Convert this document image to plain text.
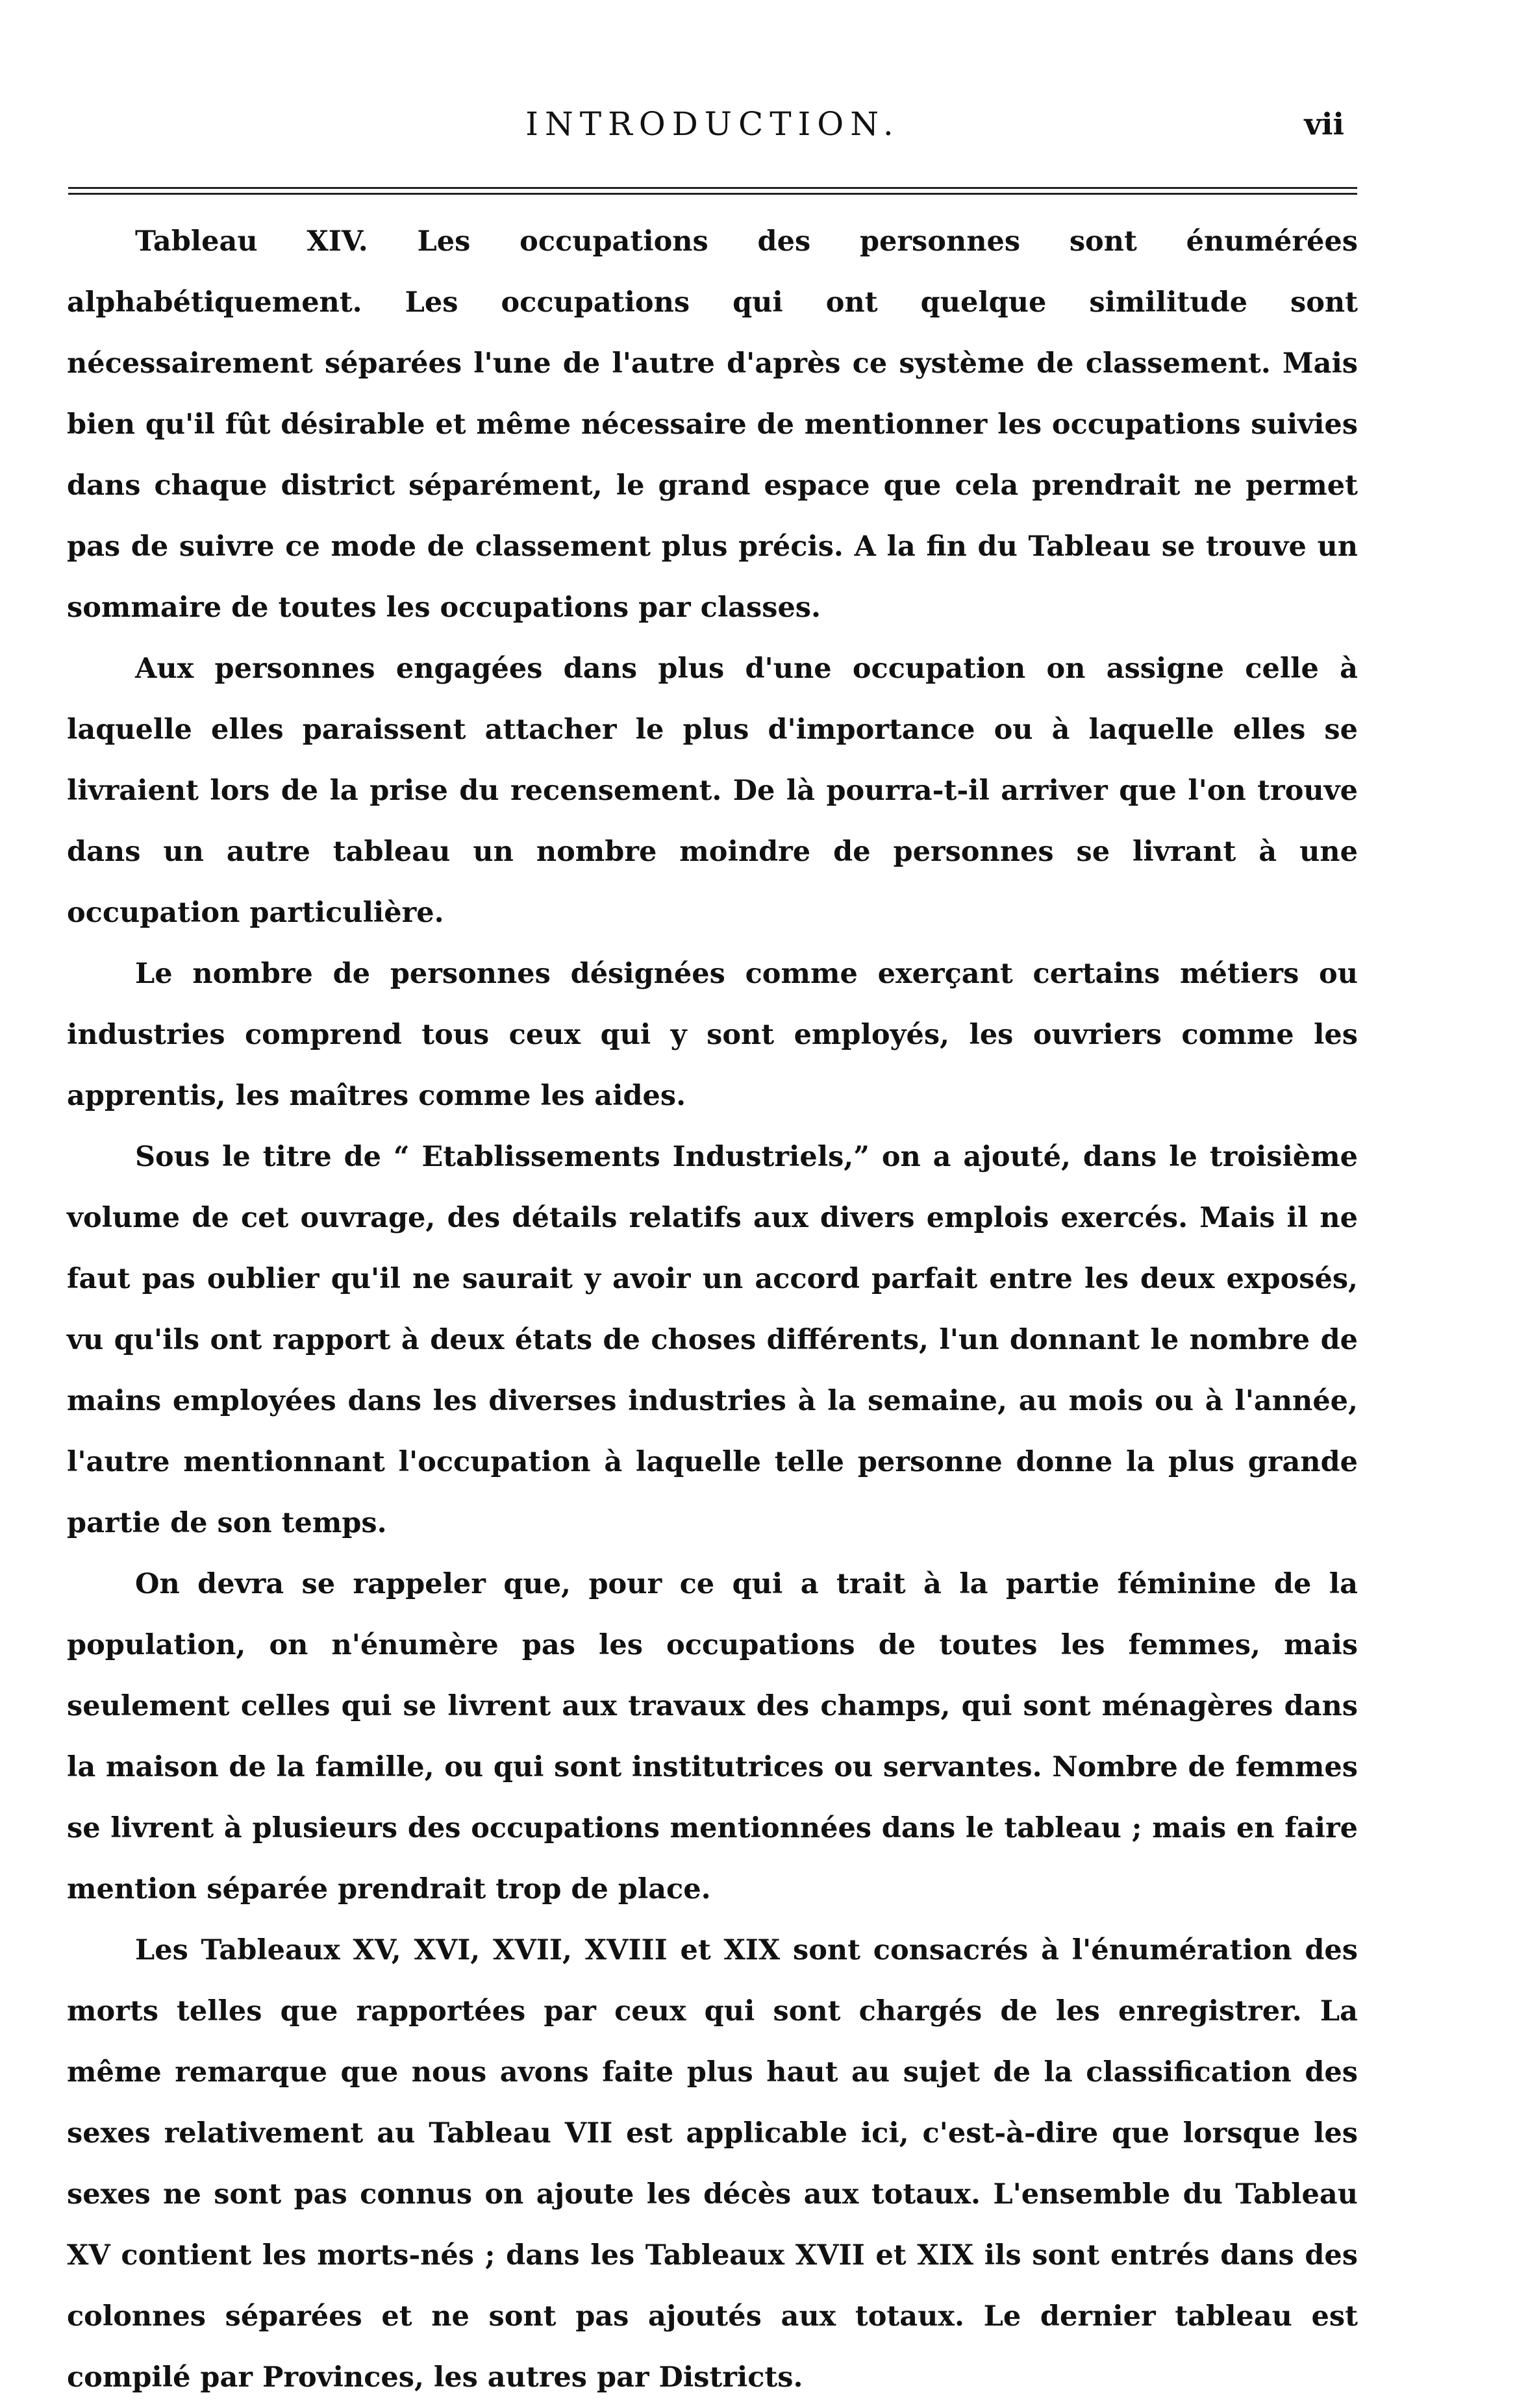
INTRODUCTION.	vii

Tableau XIV. Les occupations des personnes sont énumérées alphabétiquement. Les occupations qui ont quelque similitude sont nécessairement séparées l'une de l'autre d'après ce système de classement. Mais bien qu'il fût désirable et même nécessaire de mentionner les occupations suivies dans chaque district séparément, le grand espace que cela prendrait ne permet pas de suivre ce mode de classement plus précis. A la fin du Tableau se trouve un sommaire de toutes les occupations par classes.

Aux personnes engagées dans plus d'une occupation on assigne celle à laquelle elles paraissent attacher le plus d'importance ou à laquelle elles se livraient lors de la prise du recensement. De là pourra-t-il arriver que l'on trouve dans un autre tableau un nombre moindre de personnes se livrant à une occupation particulière.

Le nombre de personnes désignées comme exerçant certains métiers ou industries comprend tous ceux qui y sont employés, les ouvriers comme les apprentis, les maîtres comme les aides.

Sous le titre de “ Etablissements Industriels,” on a ajouté, dans le troisième volume de cet ouvrage, des détails relatifs aux divers emplois exercés. Mais il ne faut pas oublier qu'il ne saurait y avoir un accord parfait entre les deux exposés, vu qu'ils ont rapport à deux états de choses différents, l'un donnant le nombre de mains employées dans les diverses industries à la semaine, au mois ou à l'année, l'autre mentionnant l'occupation à laquelle telle personne donne la plus grande partie de son temps.

On devra se rappeler que, pour ce qui a trait à la partie féminine de la population, on n'énumère pas les occupations de toutes les femmes, mais seulement celles qui se livrent aux travaux des champs, qui sont ménagères dans la maison de la famille, ou qui sont institutrices ou servantes. Nombre de femmes se livrent à plusieurs des occupations mentionnées dans le tableau ; mais en faire mention séparée prendrait trop de place.

Les Tableaux XV, XVI, XVII, XVIII et XIX sont consacrés à l'énumération des morts telles que rapportées par ceux qui sont chargés de les enregistrer. La même remarque que nous avons faite plus haut au sujet de la classification des sexes relativement au Tableau VII est applicable ici, c'est-à-dire que lorsque les sexes ne sont pas connus on ajoute les décès aux totaux. L'ensemble du Tableau XV contient les morts-nés ; dans les Tableaux XVII et XIX ils sont entrés dans des colonnes séparées et ne sont pas ajoutés aux totaux. Le dernier tableau est compilé par Provinces, les autres par Districts.
